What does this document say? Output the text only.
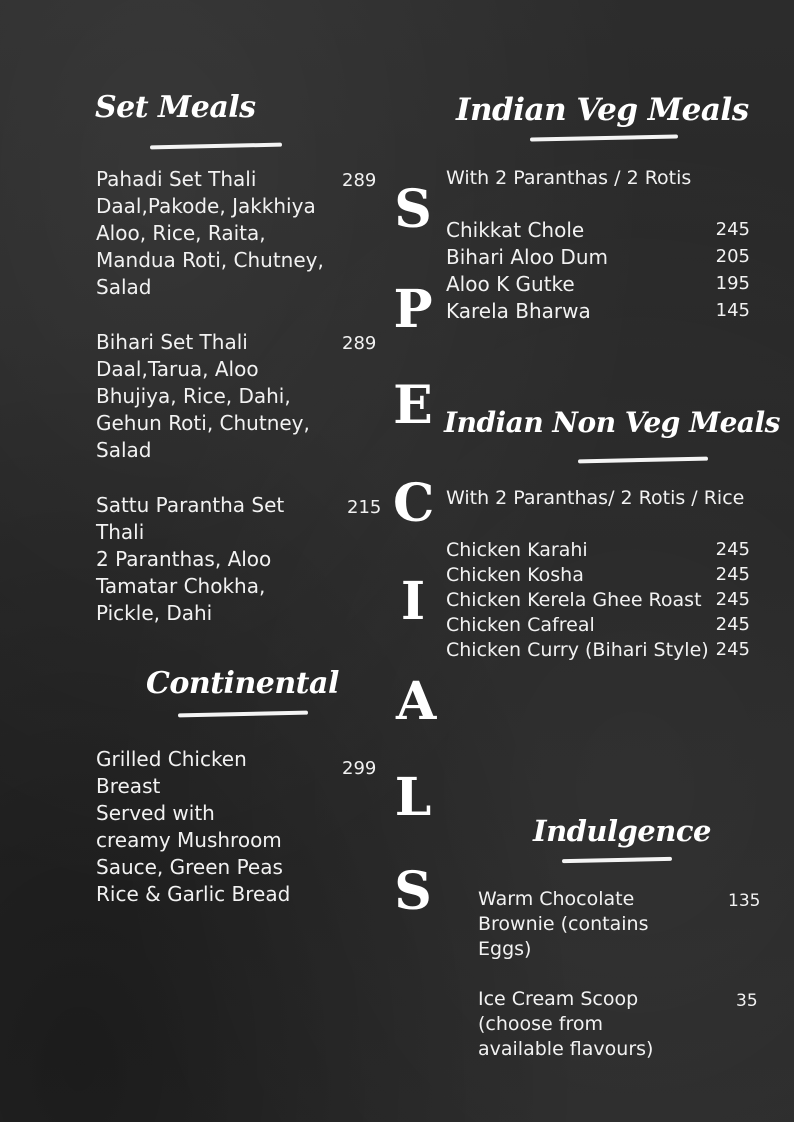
Set Meals
Pahadi Set Thali
Daal,Pakode, Jakkhiya
Aloo, Rice, Raita,
Mandua Roti, Chutney,
Salad
289
Bihari Set Thali
Daal,Tarua, Aloo
Bhujiya, Rice, Dahi,
Gehun Roti, Chutney,
Salad
289
Sattu Parantha Set
Thali
2 Paranthas, Aloo
Tamatar Chokha,
Pickle, Dahi
215
Continental
Grilled Chicken
Breast
Served with
creamy Mushroom
Sauce, Green Peas
Rice & Garlic Bread
299
S
P
E
C
I
A
L
S
Indian Veg Meals
With 2 Paranthas / 2 Rotis
Chikkat Chole	245
Bihari Aloo Dum	205
Aloo K Gutke	195
Karela Bharwa	145
Indian Non Veg Meals
With 2 Paranthas/ 2 Rotis / Rice
Chicken Karahi	245
Chicken Kosha	245
Chicken Kerela Ghee Roast 245
Chicken Cafreal	245
Chicken Curry (Bihari Style) 245
Indulgence
Warm Chocolate
Brownie (contains
Eggs)
135
Ice Cream Scoop
(choose from
available flavours)
35
